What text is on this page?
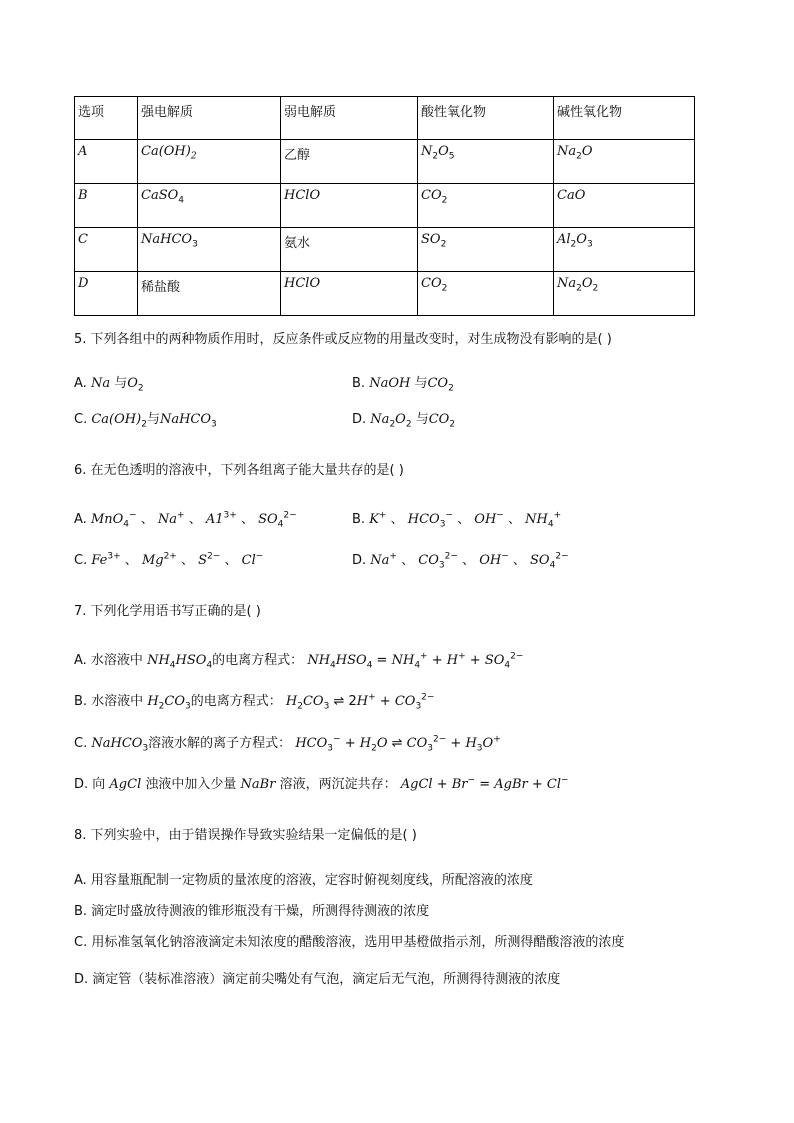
选项	强电解质	弱电解质	酸性氧化物	碱性氧化物
A	$Ca(OH)_2$	乙醇	$N_2O_5$	$Na_2O$
B	CaSO$_4$	HClO	$CO_2$	CaO
C	NaHCO$_3$	氨水	$SO_2$	$Al_2O_3$
D	稀盐酸	HClO	$CO_2$	$Na_2O_2$
5. 下列各组中的两种物质作用时，反应条件或反应物的用量改变时，对生成物没有影响的是( )
A. Na 与$O_2$	B. NaOH 与$CO_2$
C. $Ca(OH)_2$与NaHCO$_3$	D. $Na_2O_2$ 与$CO_2$
6. 在无色透明的溶液中，下列各组离子能大量共存的是( )
A. MnO$_4$− 、 Na+ 、 $A1^{3+}$ 、 $SO_4^{2-}$	B. K+ 、 $HCO_3^-$ 、 OH− 、 $NH_4^+$
C. $Fe^{3+}$ 、 $Mg^{2+}$ 、 $S^{2-}$ 、 Cl−	D. Na+ 、 $CO_3^{2-}$ 、 OH− 、 $SO_4^{2-}$
7. 下列化学用语书写正确的是( )
A. 水溶液中 $NH_4HSO_4$的电离方程式： $NH_4HSO_4 = NH_4^+ + H^+ + SO_4^{2-}$
B. 水溶液中 $H_2CO_3$的电离方程式： $H_2CO_3$ ⇌ $2H^+ + CO_3^{2-}$
C. NaHCO$_3$溶液水解的离子方程式： $HCO_3^- + H_2O$ ⇌ $CO_3^{2-} + H_3O^+$
D. 向 AgCl 浊液中加入少量 NaBr 溶液，两沉淀共存： AgCl + Br− = AgBr + Cl−
8. 下列实验中，由于错误操作导致实验结果一定偏低的是( )
A. 用容量瓶配制一定物质的量浓度的溶液，定容时俯视刻度线，所配溶液的浓度
B. 滴定时盛放待测液的锥形瓶没有干燥，所测得待测液的浓度
C. 用标准氢氧化钠溶液滴定未知浓度的醋酸溶液，选用甲基橙做指示剂，所测得醋酸溶液的浓度
D. 滴定管（装标准溶液）滴定前尖嘴处有气泡，滴定后无气泡，所测得待测液的浓度
